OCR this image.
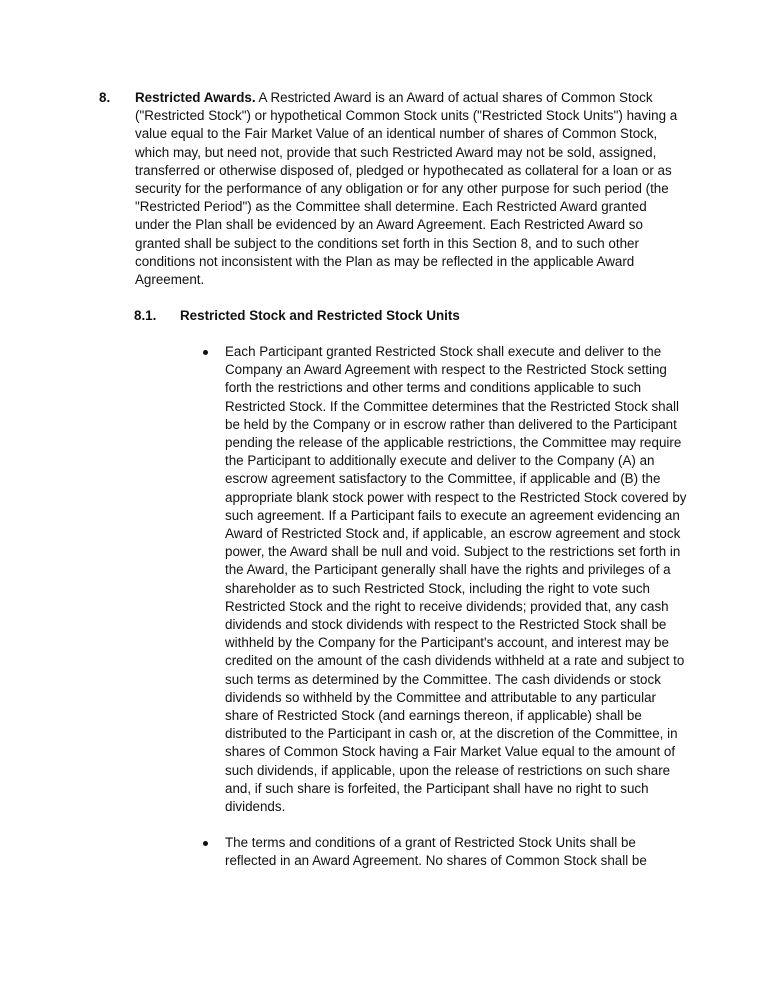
8. Restricted Awards. A Restricted Award is an Award of actual shares of Common Stock ("Restricted Stock") or hypothetical Common Stock units ("Restricted Stock Units") having a value equal to the Fair Market Value of an identical number of shares of Common Stock, which may, but need not, provide that such Restricted Award may not be sold, assigned, transferred or otherwise disposed of, pledged or hypothecated as collateral for a loan or as security for the performance of any obligation or for any other purpose for such period (the "Restricted Period") as the Committee shall determine. Each Restricted Award granted under the Plan shall be evidenced by an Award Agreement. Each Restricted Award so granted shall be subject to the conditions set forth in this Section 8, and to such other conditions not inconsistent with the Plan as may be reflected in the applicable Award Agreement.
8.1. Restricted Stock and Restricted Stock Units
Each Participant granted Restricted Stock shall execute and deliver to the Company an Award Agreement with respect to the Restricted Stock setting forth the restrictions and other terms and conditions applicable to such Restricted Stock. If the Committee determines that the Restricted Stock shall be held by the Company or in escrow rather than delivered to the Participant pending the release of the applicable restrictions, the Committee may require the Participant to additionally execute and deliver to the Company (A) an escrow agreement satisfactory to the Committee, if applicable and (B) the appropriate blank stock power with respect to the Restricted Stock covered by such agreement. If a Participant fails to execute an agreement evidencing an Award of Restricted Stock and, if applicable, an escrow agreement and stock power, the Award shall be null and void. Subject to the restrictions set forth in the Award, the Participant generally shall have the rights and privileges of a shareholder as to such Restricted Stock, including the right to vote such Restricted Stock and the right to receive dividends; provided that, any cash dividends and stock dividends with respect to the Restricted Stock shall be withheld by the Company for the Participant's account, and interest may be credited on the amount of the cash dividends withheld at a rate and subject to such terms as determined by the Committee. The cash dividends or stock dividends so withheld by the Committee and attributable to any particular share of Restricted Stock (and earnings thereon, if applicable) shall be distributed to the Participant in cash or, at the discretion of the Committee, in shares of Common Stock having a Fair Market Value equal to the amount of such dividends, if applicable, upon the release of restrictions on such share and, if such share is forfeited, the Participant shall have no right to such dividends.
The terms and conditions of a grant of Restricted Stock Units shall be reflected in an Award Agreement. No shares of Common Stock shall be
